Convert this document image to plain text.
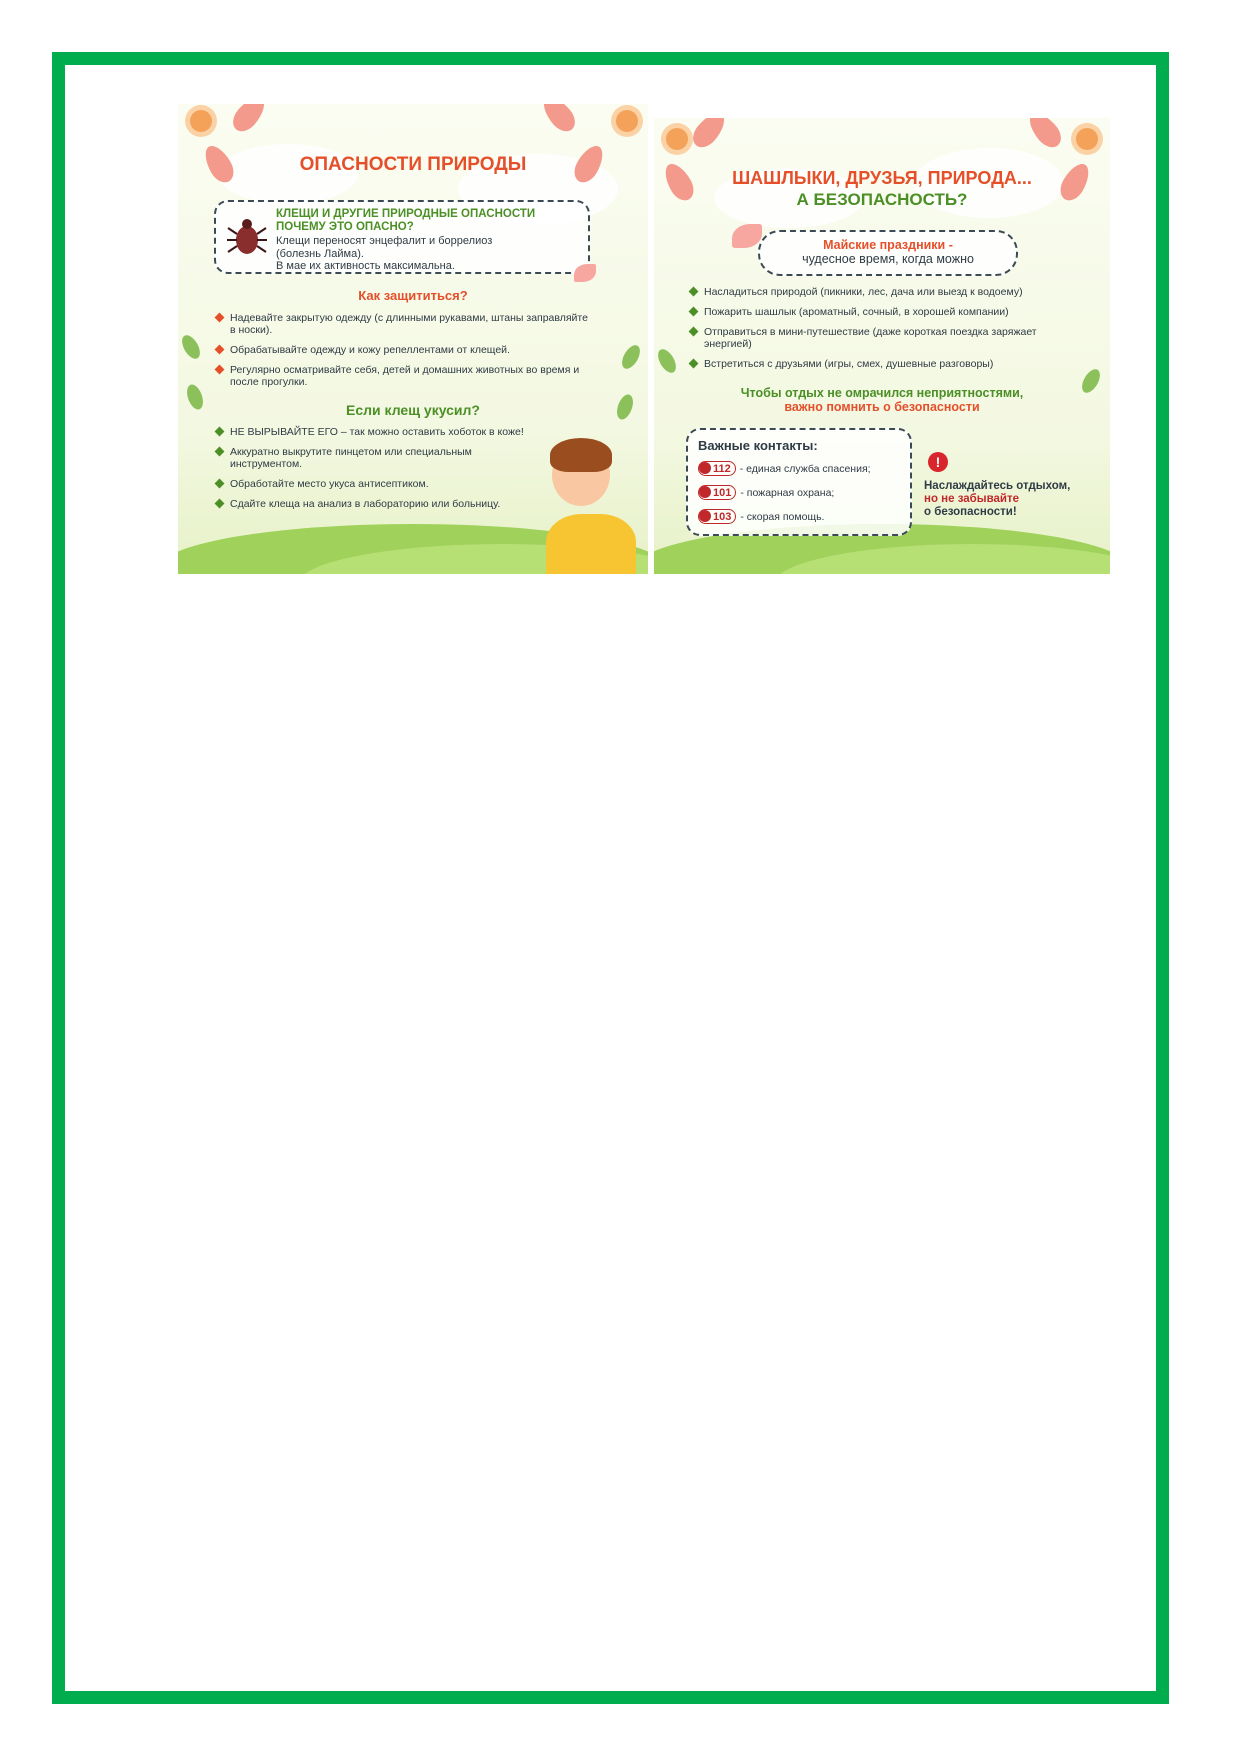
ОПАСНОСТИ ПРИРОДЫ
КЛЕЩИ И ДРУГИЕ ПРИРОДНЫЕ ОПАСНОСТИ ПОЧЕМУ ЭТО ОПАСНО?
Клещи переносят энцефалит и боррелиоз (болезнь Лайма).
В мае их активность максимальна.
Как защититься?
Надевайте закрытую одежду (с длинными рукавами, штаны заправляйте в носки).
Обрабатывайте одежду и кожу репеллентами от клещей.
Регулярно осматривайте себя, детей и домашних животных во время и после прогулки.
Если клещ укусил?
НЕ ВЫРЫВАЙТЕ ЕГО – так можно оставить хоботок в коже!
Аккуратно выкрутите пинцетом или специальным инструментом.
Обработайте место укуса антисептиком.
Сдайте клеща на анализ в лабораторию или больницу.
ШАШЛЫКИ, ДРУЗЬЯ, ПРИРОДА...
А БЕЗОПАСНОСТЬ?
Майские праздники -
чудесное время, когда можно
Насладиться природой (пикники, лес, дача или выезд к водоему)
Пожарить шашлык (ароматный, сочный, в хорошей компании)
Отправиться в мини-путешествие (даже короткая поездка заряжает энергией)
Встретиться с друзьями (игры, смех, душевные разговоры)
Чтобы отдых не омрачился неприятностями,
важно помнить о безопасности
Важные контакты:
112 - единая служба спасения;
101 - пожарная охрана;
103 - скорая помощь.
!
Наслаждайтесь отдыхом,
но не забывайте
о безопасности!
